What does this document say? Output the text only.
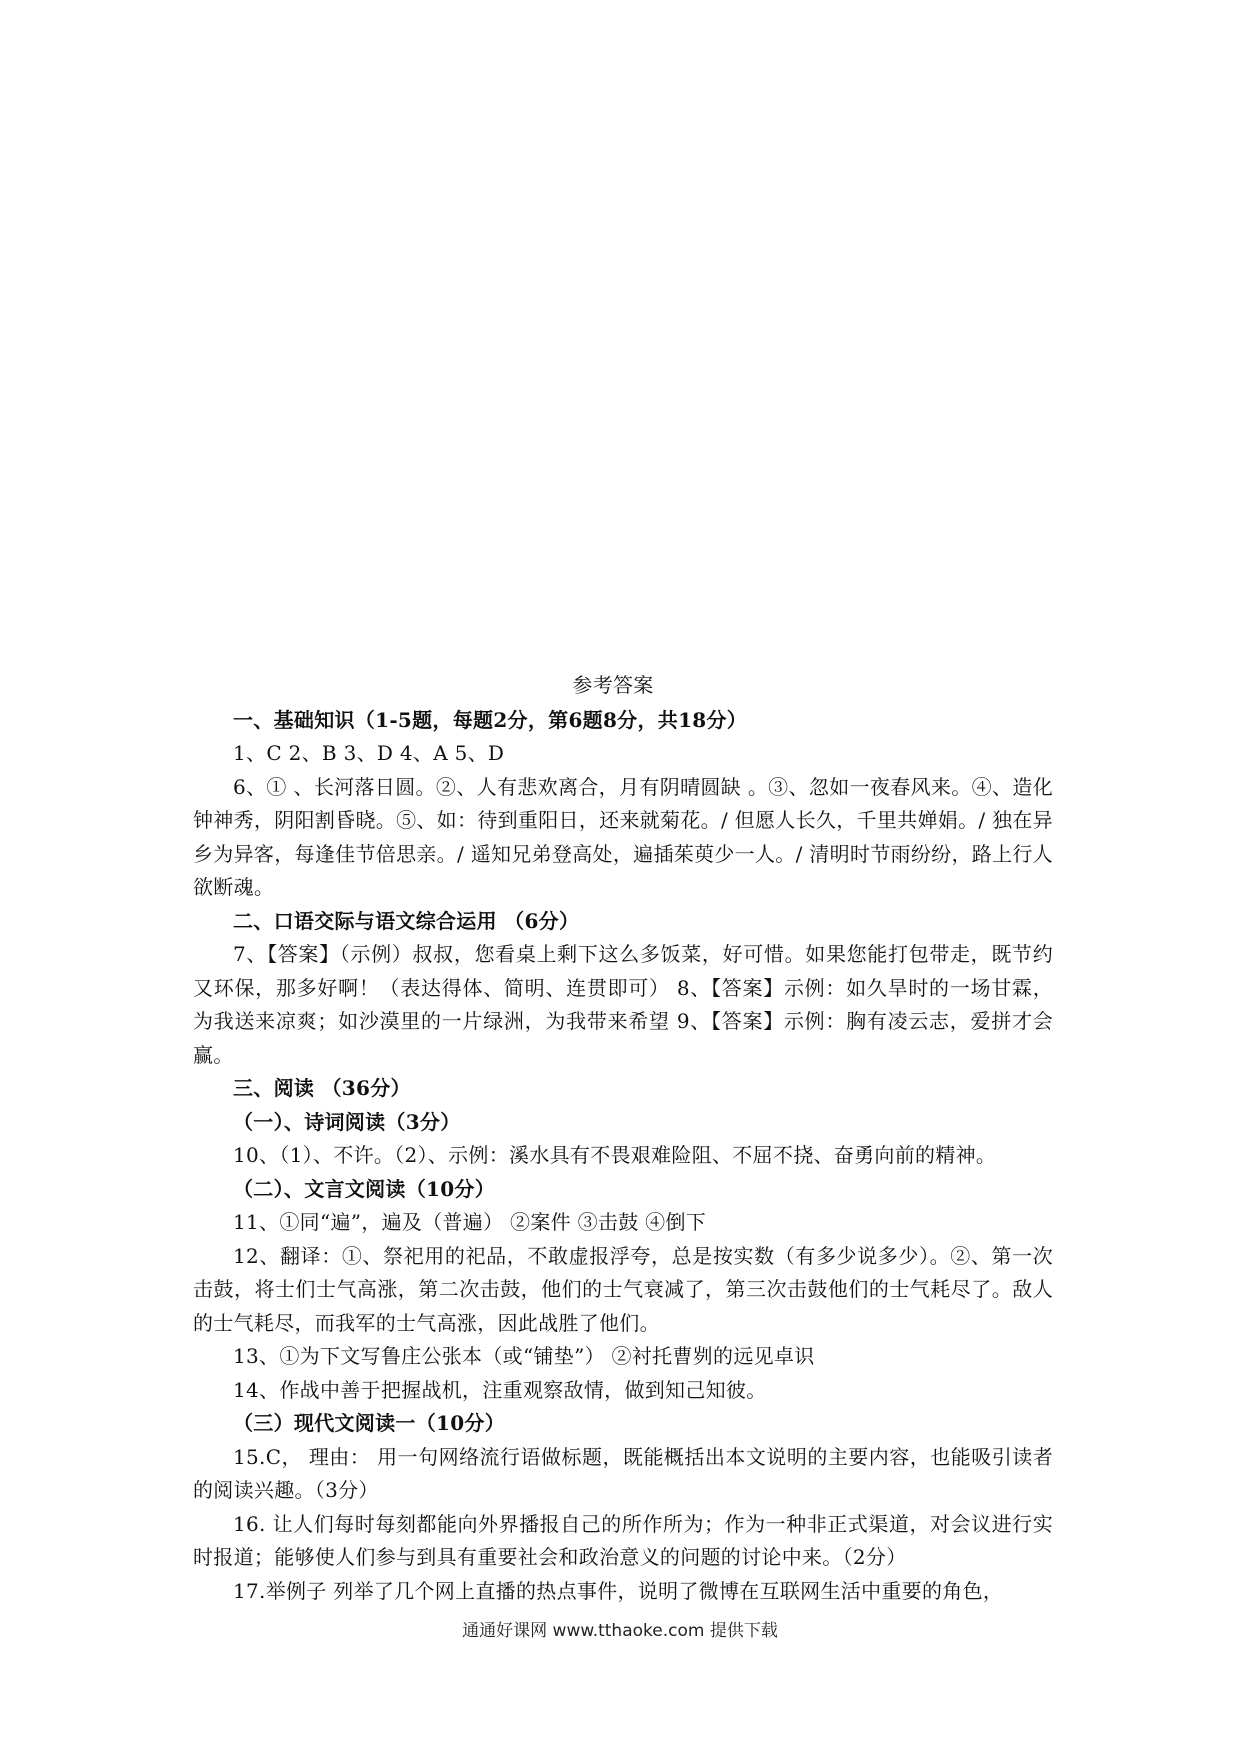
参考答案

一、基础知识（1-5题，每题2分，第6题8分，共18分）

1、C 2、B 3、D 4、A 5、D

6、① 、长河落日圆。②、人有悲欢离合，月有阴晴圆缺 。③、忽如一夜春风来。④、造化钟神秀，阴阳割昏晓。⑤、如：待到重阳日，还来就菊花。/ 但愿人长久，千里共婵娟。/ 独在异乡为异客，每逢佳节倍思亲。/ 遥知兄弟登高处，遍插茱萸少一人。/ 清明时节雨纷纷，路上行人欲断魂。

二、口语交际与语文综合运用 （6分）

7、【答案】（示例）叔叔，您看桌上剩下这么多饭菜，好可惜。如果您能打包带走，既节约又环保，那多好啊！（表达得体、简明、连贯即可） 8、【答案】示例：如久旱时的一场甘霖，为我送来凉爽；如沙漠里的一片绿洲，为我带来希望 9、【答案】示例：胸有凌云志，爱拼才会赢。

三、阅读 （36分）

（一）、诗词阅读（3分）

10、（1）、不许。（2）、示例：溪水具有不畏艰难险阻、不屈不挠、奋勇向前的精神。

（二）、文言文阅读（10分）

11、①同“遍”，遍及（普遍） ②案件 ③击鼓 ④倒下

12、翻译：①、祭祀用的祀品，不敢虚报浮夸，总是按实数（有多少说多少）。②、第一次击鼓，将士们士气高涨，第二次击鼓，他们的士气衰减了，第三次击鼓他们的士气耗尽了。敌人的士气耗尽，而我军的士气高涨，因此战胜了他们。

13、①为下文写鲁庄公张本（或“铺垫”） ②衬托曹刿的远见卓识

14、作战中善于把握战机，注重观察敌情，做到知己知彼。

（三）现代文阅读一（10分）

15.C， 理由： 用一句网络流行语做标题，既能概括出本文说明的主要内容，也能吸引读者的阅读兴趣。（3分）

16. 让人们每时每刻都能向外界播报自己的所作所为；作为一种非正式渠道，对会议进行实时报道；能够使人们参与到具有重要社会和政治意义的问题的讨论中来。（2分）

17.举例子 列举了几个网上直播的热点事件，说明了微博在互联网生活中重要的角色，

通通好课网 www.tthaoke.com 提供下载
